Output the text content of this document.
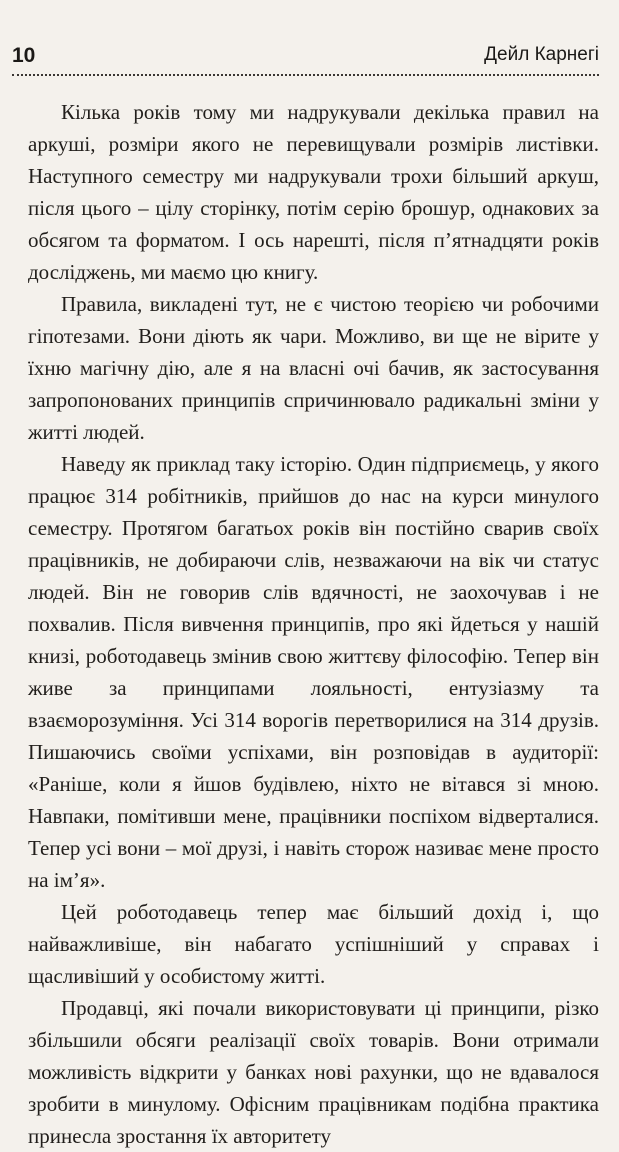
10	Дейл Карнегі

Кілька років тому ми надрукували декілька правил на аркуші, розміри якого не перевищували розмірів листівки. Наступного семестру ми надрукували трохи більший аркуш, після цього – цілу сторінку, потім серію брошур, однакових за обсягом та форматом. І ось нарешті, після п’ятнадцяти років досліджень, ми маємо цю книгу.

Правила, викладені тут, не є чистою теорією чи робочими гіпотезами. Вони діють як чари. Можливо, ви ще не вірите у їхню магічну дію, але я на власні очі бачив, як застосування запропонованих принципів спричинювало радикальні зміни у житті людей.

Наведу як приклад таку історію. Один підприємець, у якого працює 314 робітників, прийшов до нас на курси минулого семестру. Протягом багатьох років він постійно сварив своїх працівників, не добираючи слів, незважаючи на вік чи статус людей. Він не говорив слів вдячності, не заохочував і не похвалив. Після вивчення принципів, про які йдеться у нашій книзі, роботодавець змінив свою життєву філософію. Тепер він живе за принципами лояльності, ентузіазму та взаєморозуміння. Усі 314 ворогів перетворилися на 314 друзів. Пишаючись своїми успіхами, він розповідав в аудиторії: «Раніше, коли я йшов будівлею, ніхто не вітався зі мною. Навпаки, помітивши мене, працівники поспіхом відверталися. Тепер усі вони – мої друзі, і навіть сторож називає мене просто на ім’я».

Цей роботодавець тепер має більший дохід і, що найважливіше, він набагато успішніший у справах і щасливіший у особистому житті.

Продавці, які почали використовувати ці принципи, різко збільшили обсяги реалізації своїх товарів. Вони отримали можливість відкрити у банках нові рахунки, що не вдавалося зробити в минулому. Офісним працівникам подібна практика принесла зростання їх авторитету
